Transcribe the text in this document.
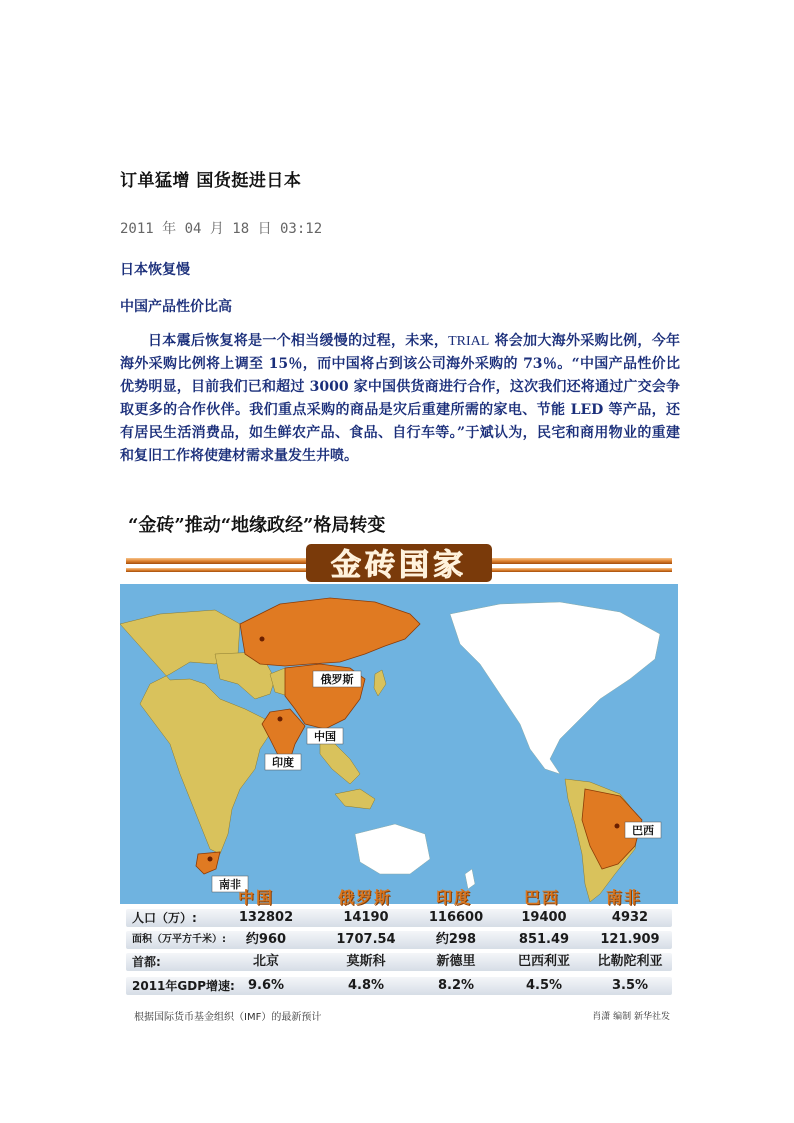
订单猛增 国货挺进日本
2011 年 04 月 18 日 03:12
日本恢复慢
中国产品性价比高
日本震后恢复将是一个相当缓慢的过程，未来，TRIAL 将会加大海外采购比例，今年海外采购比例将上调至 15％，而中国将占到该公司海外采购的 73％。“中国产品性价比优势明显，目前我们已和超过 3000 家中国供货商进行合作，这次我们还将通过广交会争取更多的合作伙伴。我们重点采购的商品是灾后重建所需的家电、节能 LED 等产品，还有居民生活消费品，如生鲜农产品、食品、自行车等。”于斌认为，民宅和商用物业的重建和复旧工作将使建材需求量发生井喷。
“金砖”推动“地缘政经”格局转变
金砖国家
俄罗斯
中国
印度
巴西
南非
中国	俄罗斯	印度	巴西	南非
人口（万）:	132802	14190	116600	19400	4932
面积（万平方千米）:	约960	1707.54	约298	851.49	121.909
首都:	北京	莫斯科	新德里	巴西利亚	比勒陀利亚
2011年GDP增速:	9.6%	4.8%	8.2%	4.5%	3.5%
根据国际货币基金组织（IMF）的最新预计	肖潇 编制 新华社发
